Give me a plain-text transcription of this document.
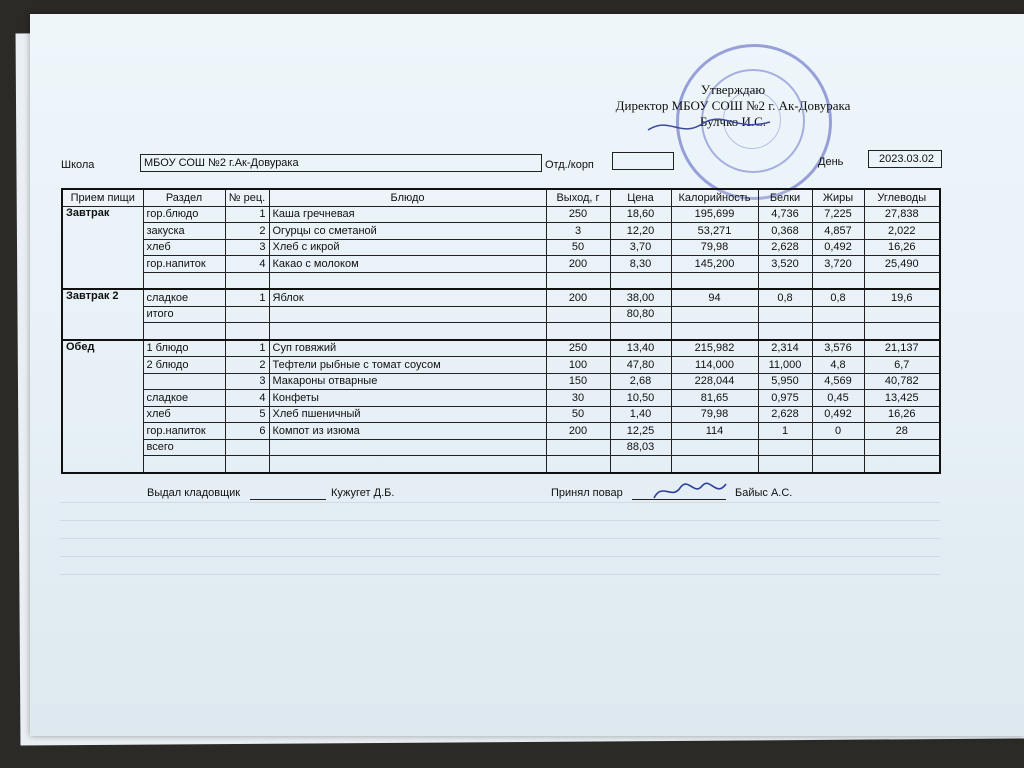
Утверждаю
Директор МБОУ СОШ №2 г. Ак-Довурака
Булчко И.С.
Школа	МБОУ СОШ №2 г.Ак-Довурака	Отд./корп	День	2023.03.02
Прием пищи	Раздел	№ рец.	Блюдо	Выход, г	Цена	Калорийность	Белки	Жиры	Углеводы
Завтрак	гор.блюдо	1	Каша гречневая	250	18,60	195,699	4,736	7,225	27,838
	закуска	2	Огурцы со сметаной	3	12,20	53,271	0,368	4,857	2,022
	хлеб	3	Хлеб с икрой	50	3,70	79,98	2,628	0,492	16,26
	гор.напиток	4	Какао с молоком	200	8,30	145,200	3,520	3,720	25,490

Завтрак 2	сладкое	1	Яблок	200	38,00	94	0,8	0,8	19,6
	итого				80,80				

Обед	1 блюдо	1	Суп говяжий	250	13,40	215,982	2,314	3,576	21,137
	2 блюдо	2	Тефтели рыбные с томат соусом	100	47,80	114,000	11,000	4,8	6,7
		3	Макароны отварные	150	2,68	228,044	5,950	4,569	40,782
	сладкое	4	Конфеты	30	10,50	81,65	0,975	0,45	13,425
	хлеб	5	Хлеб пшеничный	50	1,40	79,98	2,628	0,492	16,26
	гор.напиток	6	Компот из изюма	200	12,25	114	1	0	28
	всего				88,03				

Выдал кладовщик	Кужугет Д.Б.	Принял повар	Байыс А.С.
